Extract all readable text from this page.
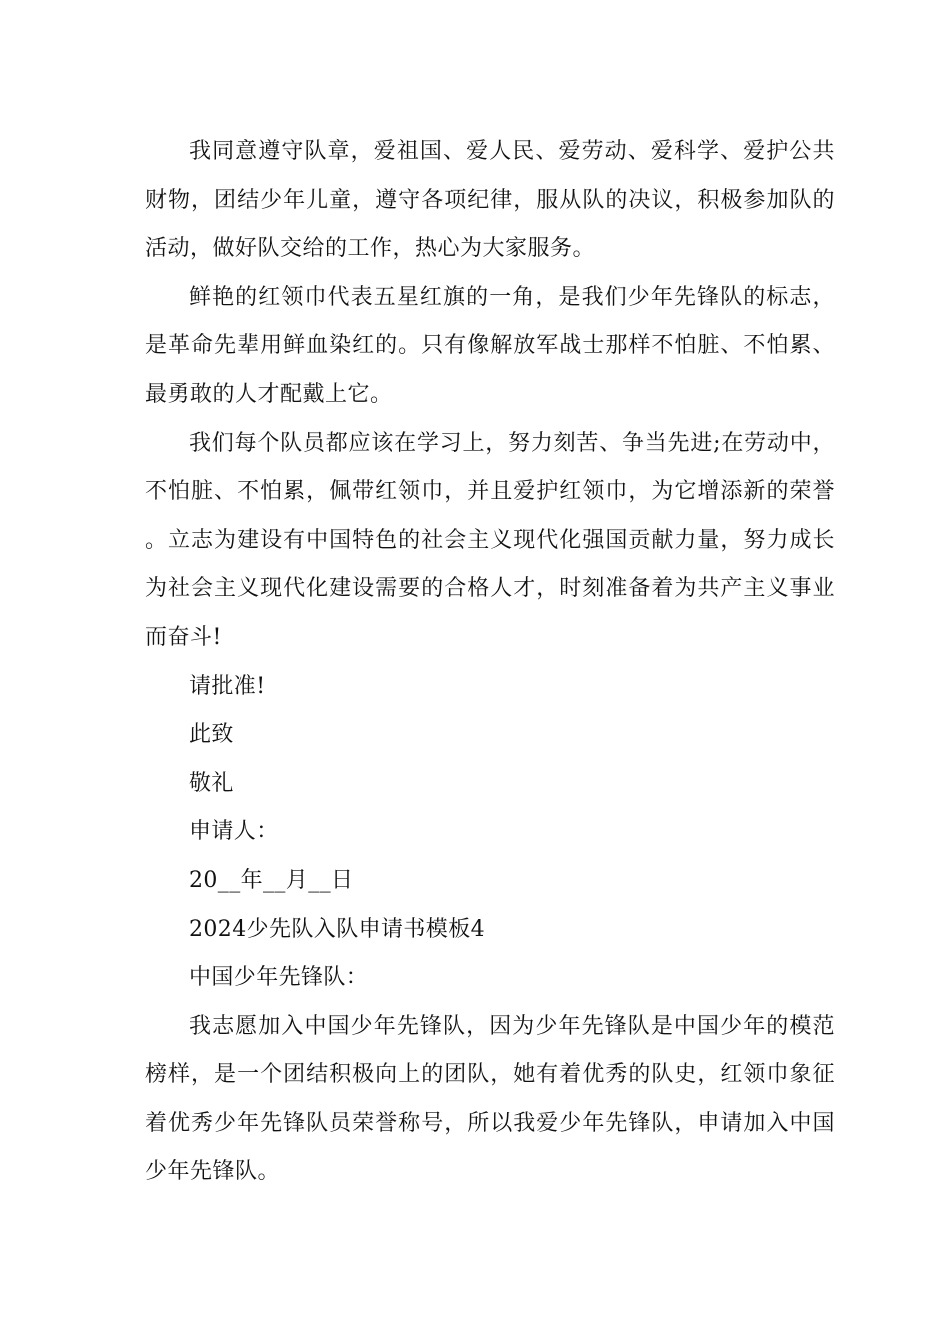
我同意遵守队章，爱祖国、爱人民、爱劳动、爱科学、爱护公共财物，团结少年儿童，遵守各项纪律，服从队的决议，积极参加队的活动，做好队交给的工作，热心为大家服务。

鲜艳的红领巾代表五星红旗的一角，是我们少年先锋队的标志，是革命先辈用鲜血染红的。只有像解放军战士那样不怕脏、不怕累、最勇敢的人才配戴上它。

我们每个队员都应该在学习上，努力刻苦、争当先进;在劳动中，不怕脏、不怕累，佩带红领巾，并且爱护红领巾，为它增添新的荣誉。立志为建设有中国特色的社会主义现代化强国贡献力量，努力成长为社会主义现代化建设需要的合格人才，时刻准备着为共产主义事业而奋斗!

请批准!

此致

敬礼

申请人：

20__年__月__日

2024少先队入队申请书模板4

中国少年先锋队：

我志愿加入中国少年先锋队，因为少年先锋队是中国少年的模范榜样，是一个团结积极向上的团队，她有着优秀的队史，红领巾象征着优秀少年先锋队员荣誉称号，所以我爱少年先锋队，申请加入中国少年先锋队。
